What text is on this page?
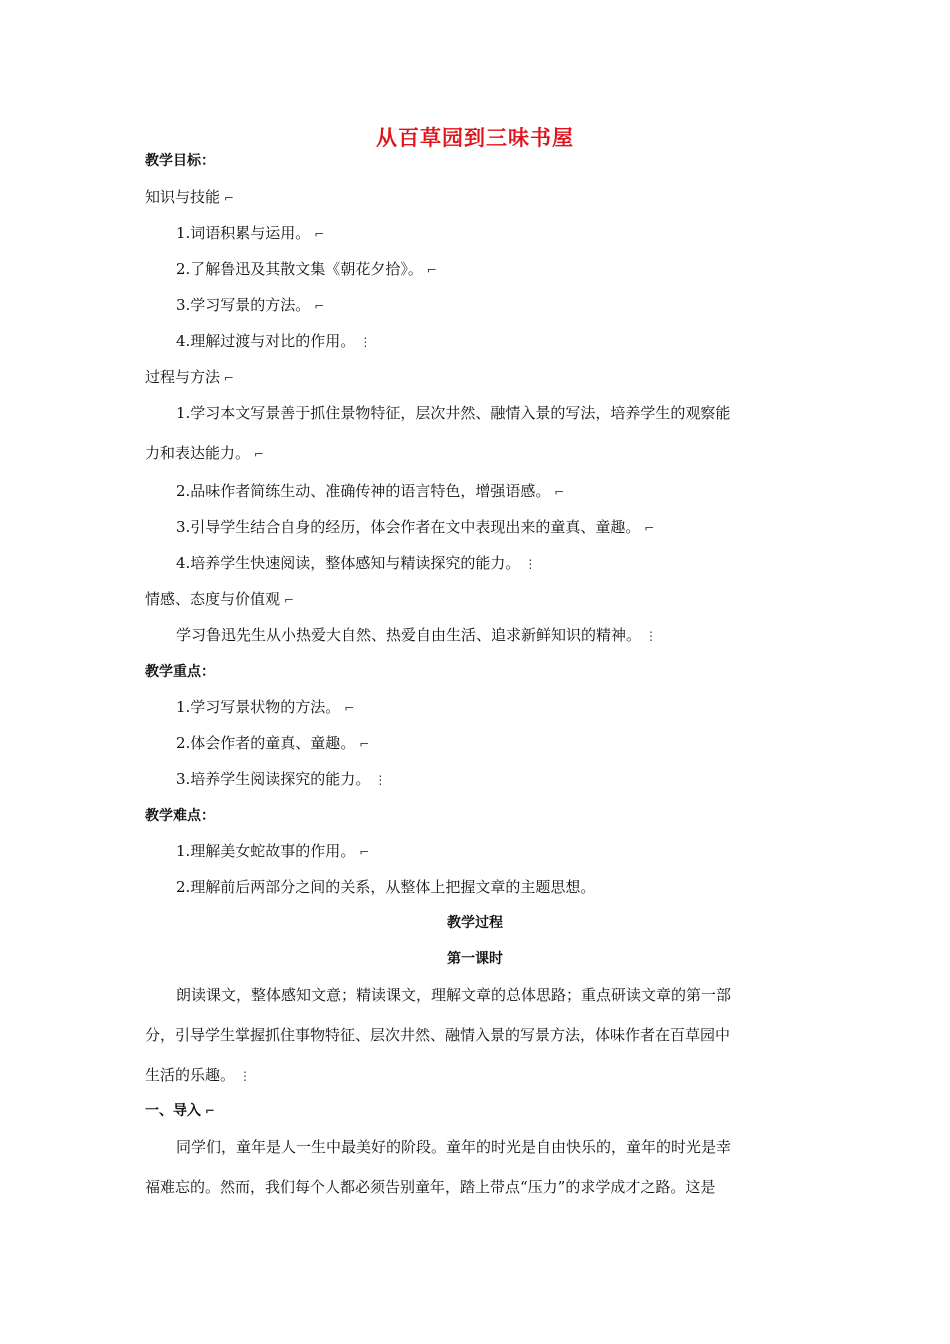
从百草园到三味书屋
教学目标：
知识与技能 ⌐
1.词语积累与运用。 ⌐
2.了解鲁迅及其散文集《朝花夕拾》。 ⌐
3.学习写景的方法。 ⌐
4.理解过渡与对比的作用。 ⋮
过程与方法 ⌐
1.学习本文写景善于抓住景物特征，层次井然、融情入景的写法，培养学生的观察能
力和表达能力。 ⌐
2.品味作者简练生动、准确传神的语言特色，增强语感。 ⌐
3.引导学生结合自身的经历，体会作者在文中表现出来的童真、童趣。 ⌐
4.培养学生快速阅读，整体感知与精读探究的能力。 ⋮
情感、态度与价值观 ⌐
学习鲁迅先生从小热爱大自然、热爱自由生活、追求新鲜知识的精神。 ⋮
教学重点：
1.学习写景状物的方法。 ⌐
2.体会作者的童真、童趣。 ⌐
3.培养学生阅读探究的能力。 ⋮
教学难点：
1.理解美女蛇故事的作用。 ⌐
2.理解前后两部分之间的关系，从整体上把握文章的主题思想。
教学过程
第一课时
朗读课文，整体感知文意；精读课文，理解文章的总体思路；重点研读文章的第一部
分，引导学生掌握抓住事物特征、层次井然、融情入景的写景方法，体味作者在百草园中
生活的乐趣。 ⋮
一、导入 ⌐
同学们，童年是人一生中最美好的阶段。童年的时光是自由快乐的，童年的时光是幸
福难忘的。然而，我们每个人都必须告别童年，踏上带点“压力”的求学成才之路。这是
